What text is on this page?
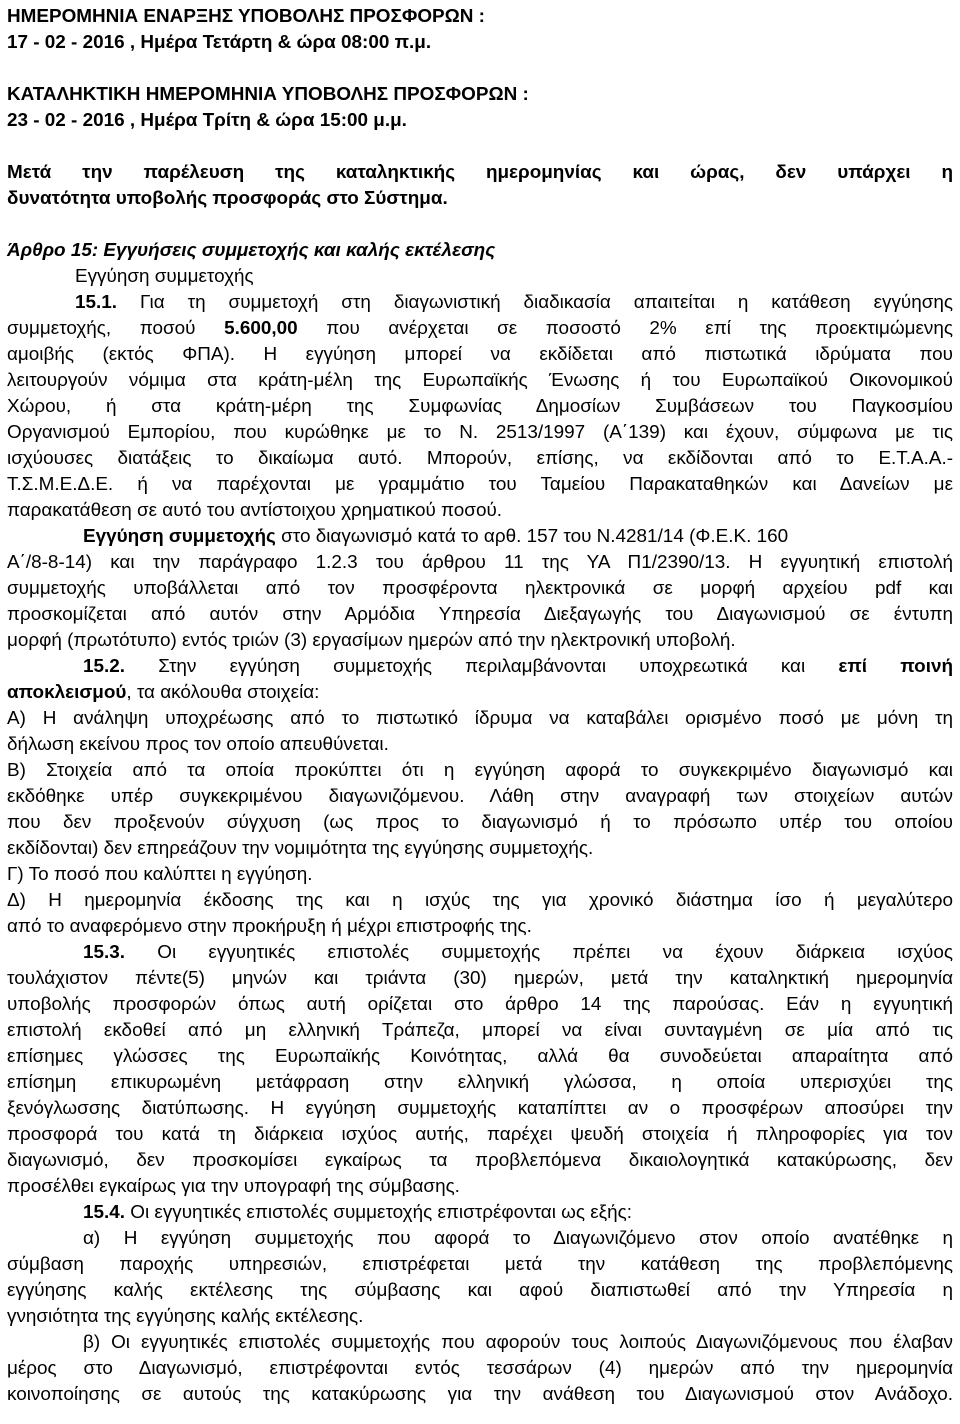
ΗΜΕΡΟΜΗΝΙΑ ΕΝΑΡΞΗΣ ΥΠΟΒΟΛΗΣ ΠΡΟΣΦΟΡΩΝ :
17 - 02 - 2016 , Ημέρα Τετάρτη & ώρα 08:00 π.μ.
ΚΑΤΑΛΗΚΤΙΚΗ ΗΜΕΡΟΜΗΝΙΑ ΥΠΟΒΟΛΗΣ ΠΡΟΣΦΟΡΩΝ :
23 - 02 - 2016 , Ημέρα Τρίτη & ώρα 15:00 μ.μ.
Μετά την παρέλευση της καταληκτικής ημερομηνίας και ώρας, δεν υπάρχει η
δυνατότητα υποβολής προσφοράς στο Σύστημα.
Άρθρο 15: Εγγυήσεις συμμετοχής και καλής εκτέλεσης
Εγγύηση συμμετοχής
15.1. Για τη συμμετοχή στη διαγωνιστική διαδικασία απαιτείται η κατάθεση εγγύησης
συμμετοχής, ποσού 5.600,00 που ανέρχεται σε ποσοστό 2% επί της προεκτιμώμενης
αμοιβής (εκτός ΦΠΑ). Η εγγύηση μπορεί να εκδίδεται από πιστωτικά ιδρύματα που
λειτουργούν νόμιμα στα κράτη-μέλη της Ευρωπαϊκής Ένωσης ή του Ευρωπαϊκού Οικονομικού
Χώρου, ή στα κράτη-μέρη της Συμφωνίας Δημοσίων Συμβάσεων του Παγκοσμίου
Οργανισμού Εμπορίου, που κυρώθηκε με το Ν. 2513/1997 (Α΄139) και έχουν, σύμφωνα με τις
ισχύουσες διατάξεις το δικαίωμα αυτό. Μπορούν, επίσης, να εκδίδονται από το Ε.Τ.Α.Α.-
Τ.Σ.Μ.Ε.Δ.Ε. ή να παρέχονται με γραμμάτιο του Ταμείου Παρακαταθηκών και Δανείων με
παρακατάθεση σε αυτό του αντίστοιχου χρηματικού ποσού.
Εγγύηση συμμετοχής στο διαγωνισμό κατά το αρθ. 157 του Ν.4281/14 (Φ.Ε.Κ. 160
Α΄/8-8-14) και την παράγραφο 1.2.3 του άρθρου 11 της ΥΑ Π1/2390/13. Η εγγυητική επιστολή
συμμετοχής υποβάλλεται από τον προσφέροντα ηλεκτρονικά σε μορφή αρχείου pdf και
προσκομίζεται από αυτόν στην Αρμόδια Υπηρεσία Διεξαγωγής του Διαγωνισμού σε έντυπη
μορφή (πρωτότυπο) εντός τριών (3) εργασίμων ημερών από την ηλεκτρονική υποβολή.
15.2. Στην εγγύηση συμμετοχής περιλαμβάνονται υποχρεωτικά και επί ποινή
αποκλεισμού, τα ακόλουθα στοιχεία:
Α) Η ανάληψη υποχρέωσης από το πιστωτικό ίδρυμα να καταβάλει ορισμένο ποσό με μόνη τη
δήλωση εκείνου προς τον οποίο απευθύνεται.
Β) Στοιχεία από τα οποία προκύπτει ότι η εγγύηση αφορά το συγκεκριμένο διαγωνισμό και
εκδόθηκε υπέρ συγκεκριμένου διαγωνιζόμενου. Λάθη στην αναγραφή των στοιχείων αυτών
που δεν προξενούν σύγχυση (ως προς το διαγωνισμό ή το πρόσωπο υπέρ του οποίου
εκδίδονται) δεν επηρεάζουν την νομιμότητα της εγγύησης συμμετοχής.
Γ) Το ποσό που καλύπτει η εγγύηση.
Δ) Η ημερομηνία έκδοσης της και η ισχύς της για χρονικό διάστημα ίσο ή μεγαλύτερο
από το αναφερόμενο στην προκήρυξη ή μέχρι επιστροφής της.
15.3. Οι εγγυητικές επιστολές συμμετοχής πρέπει να έχουν διάρκεια ισχύος
τουλάχιστον πέντε(5) μηνών και τριάντα (30) ημερών, μετά την καταληκτική ημερομηνία
υποβολής προσφορών όπως αυτή ορίζεται στο άρθρο 14 της παρούσας. Εάν η εγγυητική
επιστολή εκδοθεί από μη ελληνική Τράπεζα, μπορεί να είναι συνταγμένη σε μία από τις
επίσημες γλώσσες της Ευρωπαϊκής Κοινότητας, αλλά θα συνοδεύεται απαραίτητα από
επίσημη επικυρωμένη μετάφραση στην ελληνική γλώσσα, η οποία υπερισχύει της
ξενόγλωσσης διατύπωσης. Η εγγύηση συμμετοχής καταπίπτει αν ο προσφέρων αποσύρει την
προσφορά του κατά τη διάρκεια ισχύος αυτής, παρέχει ψευδή στοιχεία ή πληροφορίες για τον
διαγωνισμό, δεν προσκομίσει εγκαίρως τα προβλεπόμενα δικαιολογητικά κατακύρωσης, δεν
προσέλθει εγκαίρως για την υπογραφή της σύμβασης.
15.4. Οι εγγυητικές επιστολές συμμετοχής επιστρέφονται ως εξής:
α) Η εγγύηση συμμετοχής που αφορά το Διαγωνιζόμενο στον οποίο ανατέθηκε η
σύμβαση παροχής υπηρεσιών, επιστρέφεται μετά την κατάθεση της προβλεπόμενης
εγγύησης καλής εκτέλεσης της σύμβασης και αφού διαπιστωθεί από την Υπηρεσία η
γνησιότητα της εγγύησης καλής εκτέλεσης.
β) Οι εγγυητικές επιστολές συμμετοχής που αφορούν τους λοιπούς Διαγωνιζόμενους που έλαβαν
μέρος στο Διαγωνισμό, επιστρέφονται εντός τεσσάρων (4) ημερών από την ημερομηνία
κοινοποίησης σε αυτούς της κατακύρωσης για την ανάθεση του Διαγωνισμού στον Ανάδοχο.
